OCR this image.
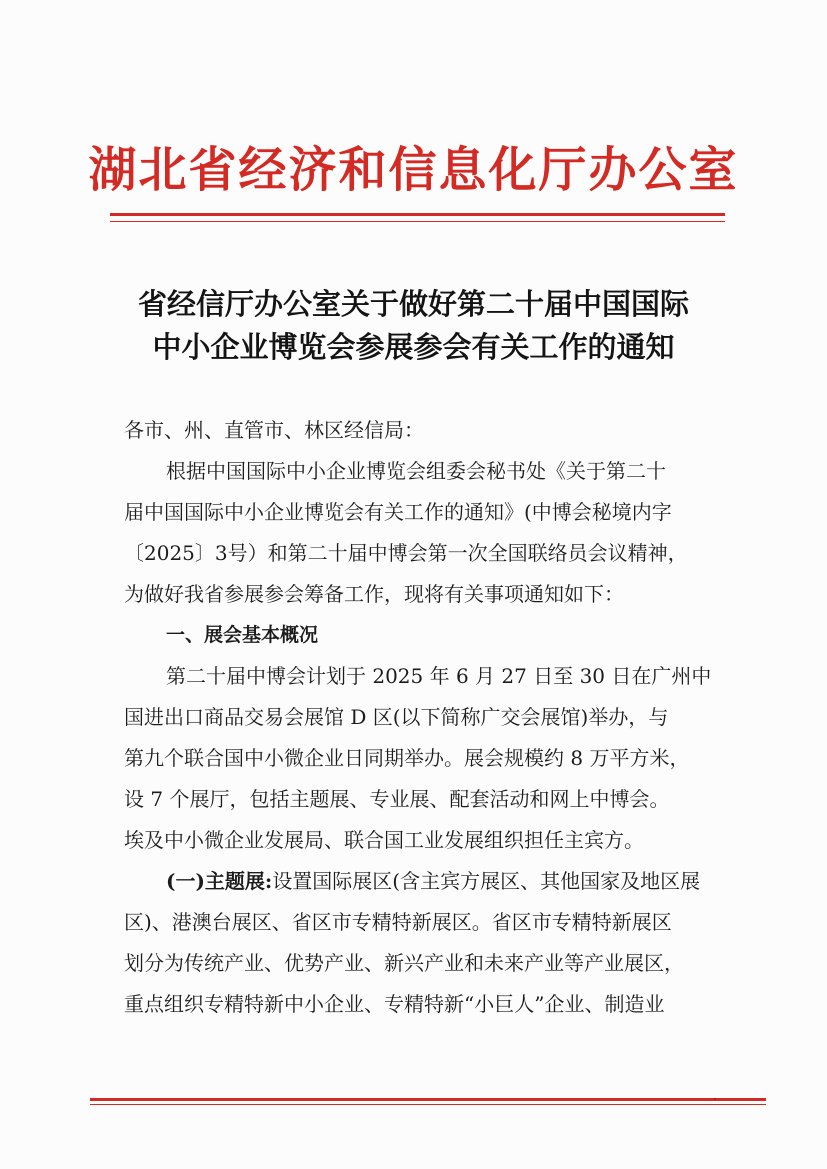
湖北省经济和信息化厅办公室
省经信厅办公室关于做好第二十届中国国际
中小企业博览会参展参会有关工作的通知

各市、州、直管市、林区经信局：

根据中国国际中小企业博览会组委会秘书处《关于第二十

届中国国际中小企业博览会有关工作的通知》(中博会秘境内字

〔2025〕3号）和第二十届中博会第一次全国联络员会议精神，

为做好我省参展参会筹备工作，现将有关事项通知如下：

一、展会基本概况

第二十届中博会计划于 2025 年 6 月 27 日至 30 日在广州中

国进出口商品交易会展馆 D 区(以下简称广交会展馆)举办，与

第九个联合国中小微企业日同期举办。展会规模约 8 万平方米，

设 7 个展厅，包括主题展、专业展、配套活动和网上中博会。

埃及中小微企业发展局、联合国工业发展组织担任主宾方。

(一)主题展:设置国际展区(含主宾方展区、其他国家及地区展

区)、港澳台展区、省区市专精特新展区。省区市专精特新展区

划分为传统产业、优势产业、新兴产业和未来产业等产业展区，

重点组织专精特新中小企业、专精特新“小巨人”企业、制造业

·
